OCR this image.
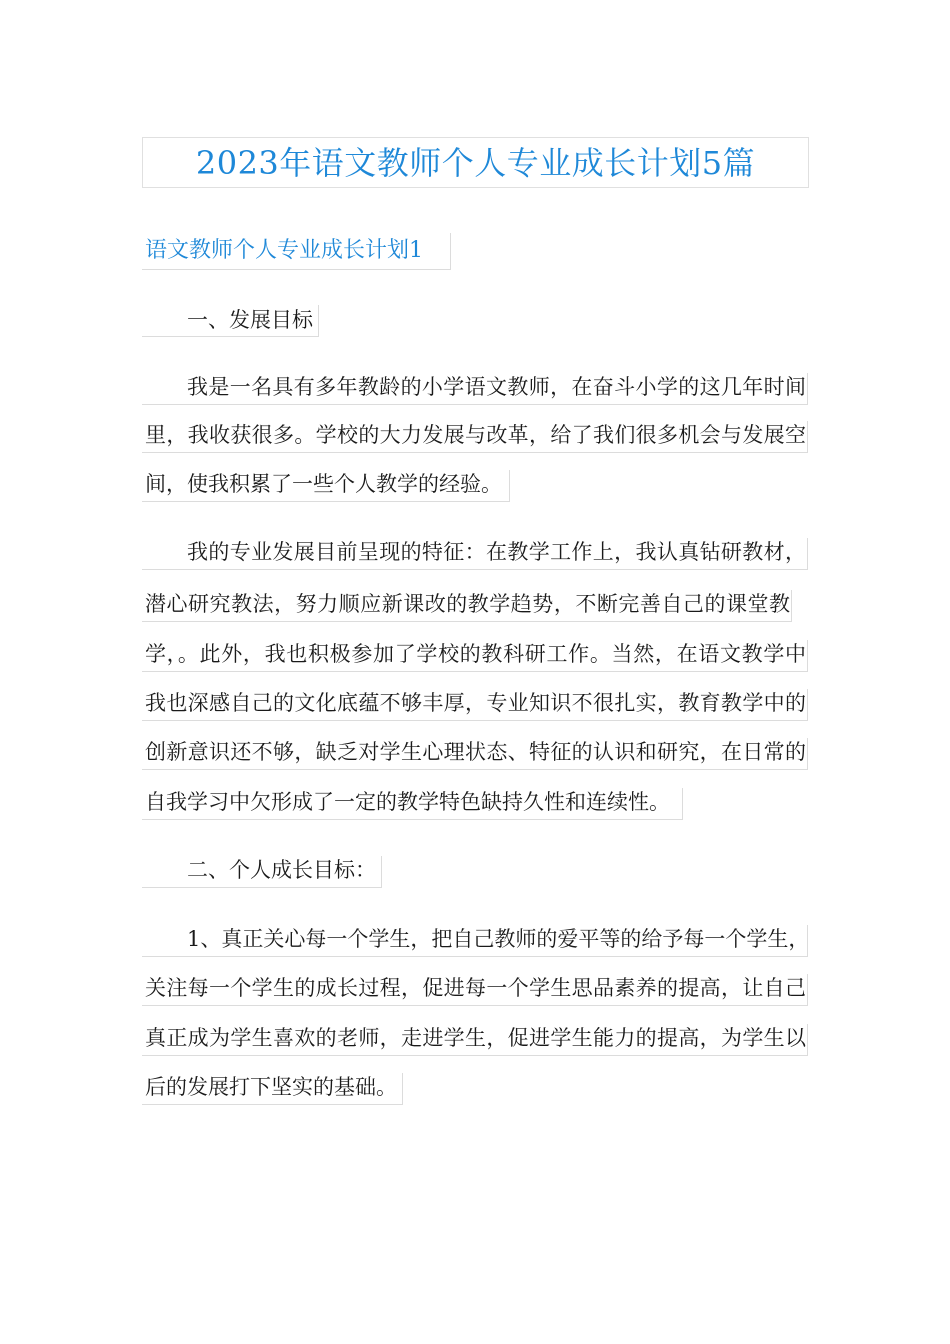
2023年语文教师个人专业成长计划5篇
语文教师个人专业成长计划1
一、发展目标
我是一名具有多年教龄的小学语文教师，在奋斗小学的这几年时间
里，我收获很多。学校的大力发展与改革，给了我们很多机会与发展空
间，使我积累了一些个人教学的经验。
我的专业发展目前呈现的特征：在教学工作上，我认真钻研教材，
潜心研究教法，努力顺应新课改的教学趋势，不断完善自己的课堂教
学，。此外，我也积极参加了学校的教科研工作。当然，在语文教学中
我也深感自己的文化底蕴不够丰厚，专业知识不很扎实，教育教学中的
创新意识还不够，缺乏对学生心理状态、特征的认识和研究，在日常的
自我学习中欠形成了一定的教学特色缺持久性和连续性。
二、个人成长目标：
1、真正关心每一个学生，把自己教师的爱平等的给予每一个学生，
关注每一个学生的成长过程，促进每一个学生思品素养的提高，让自己
真正成为学生喜欢的老师，走进学生，促进学生能力的提高，为学生以
后的发展打下坚实的基础。
